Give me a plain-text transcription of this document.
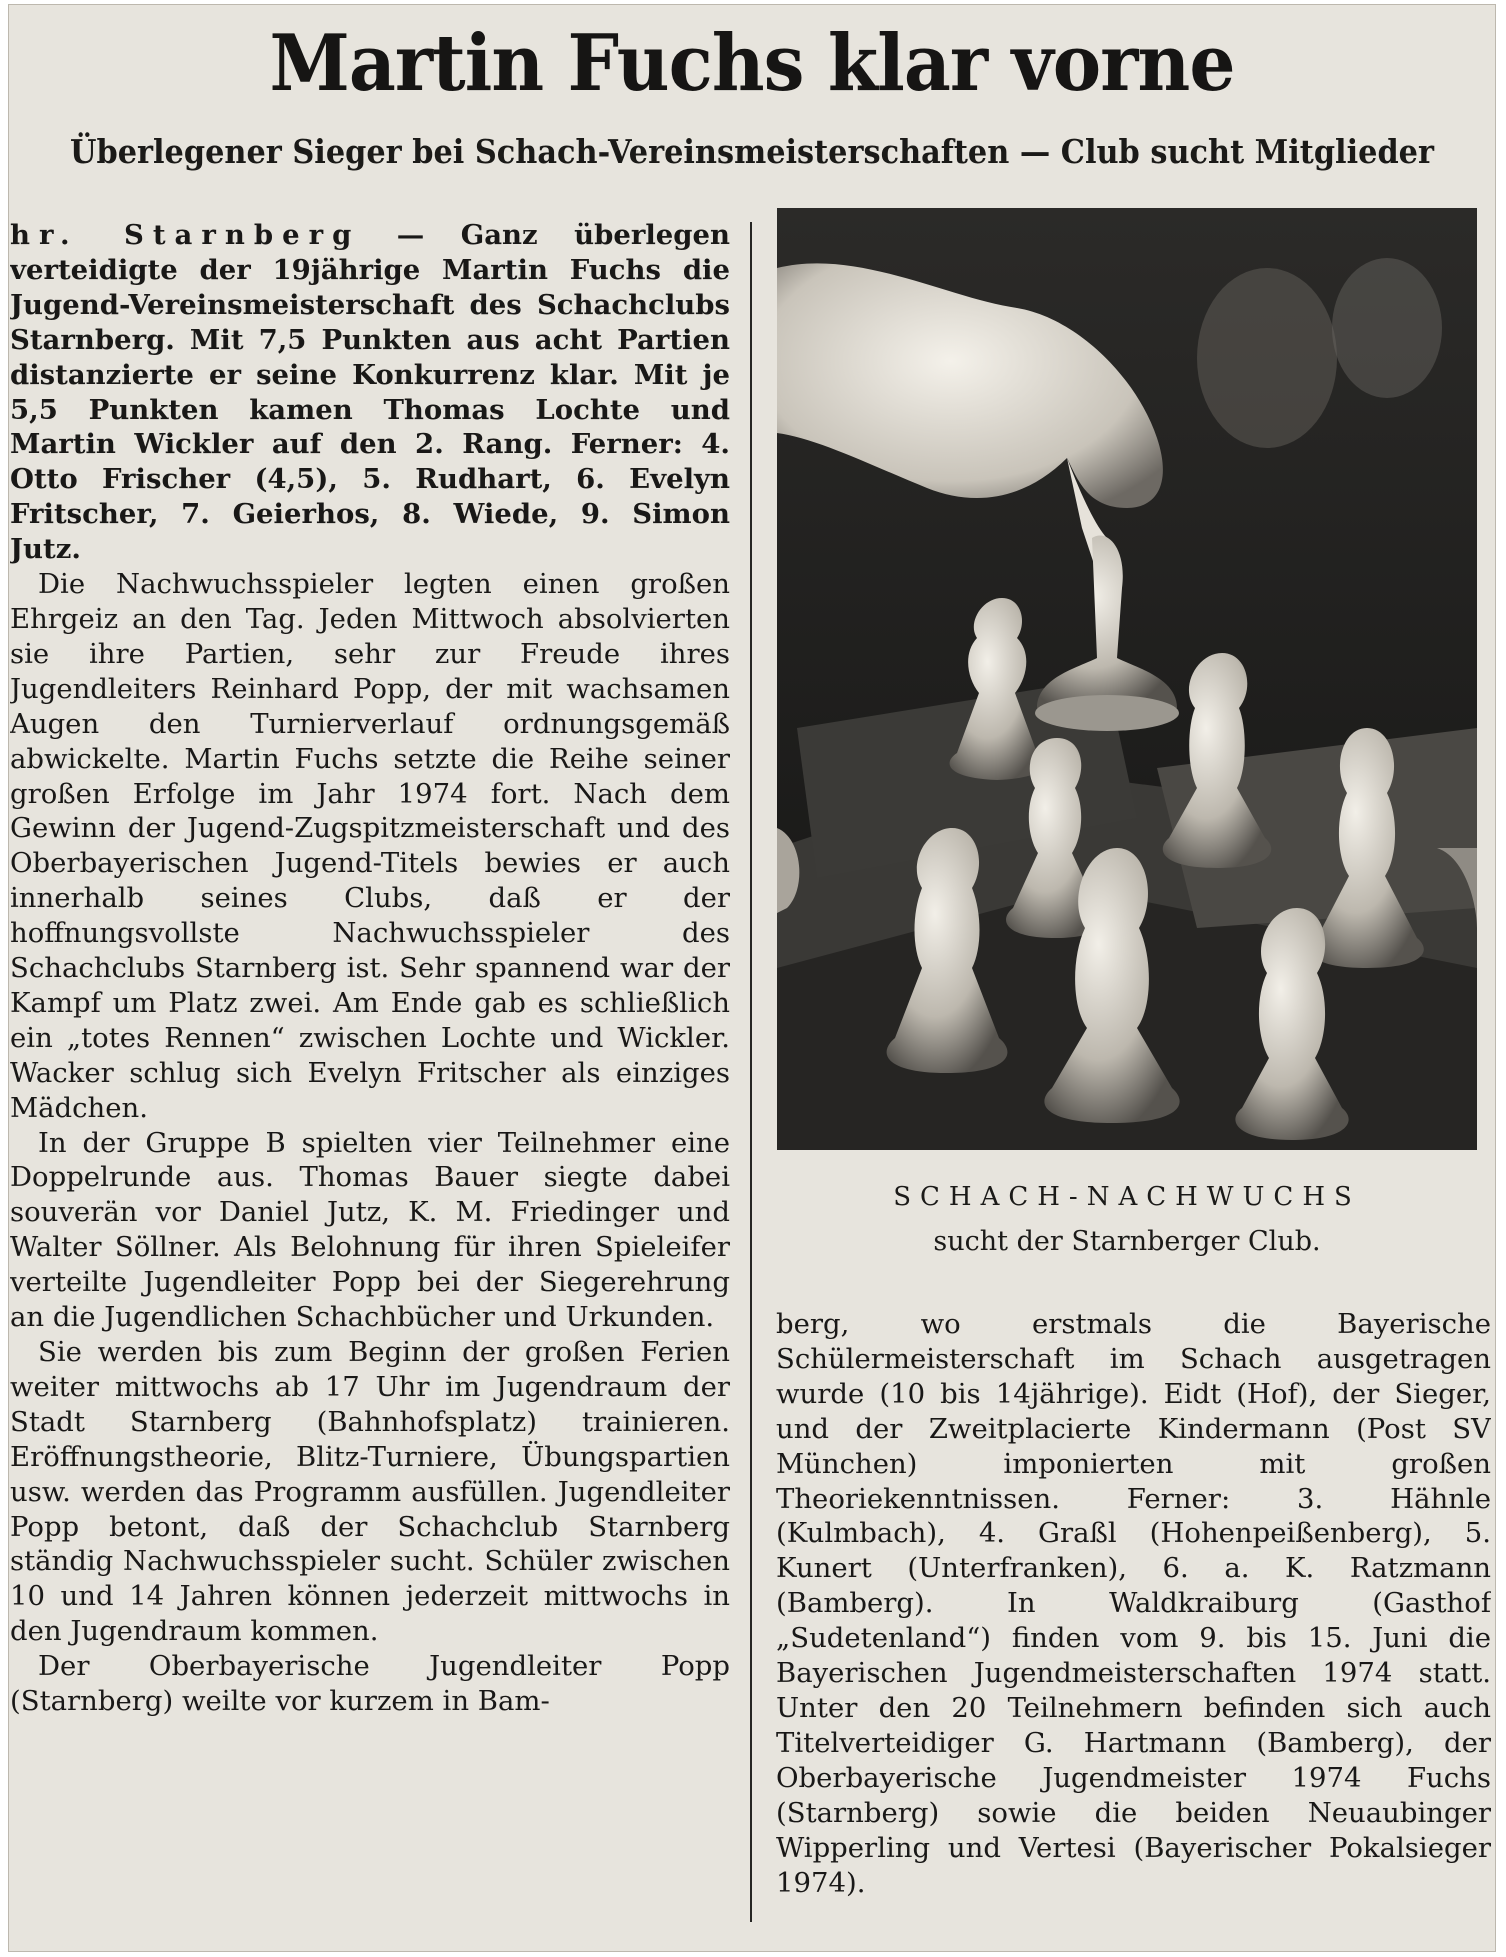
Martin Fuchs klar vorne
Überlegener Sieger bei Schach-Vereinsmeisterschaften — Club sucht Mitglieder

hr. Starnberg — Ganz überlegen verteidigte der 19jährige Martin Fuchs die Jugend-Vereinsmeisterschaft des Schachclubs Starnberg. Mit 7,5 Punkten aus acht Partien distanzierte er seine Konkurrenz klar. Mit je 5,5 Punkten kamen Thomas Lochte und Martin Wickler auf den 2. Rang. Ferner: 4. Otto Frischer (4,5), 5. Rudhart, 6. Evelyn Fritscher, 7. Geierhos, 8. Wiede, 9. Simon Jutz.

Die Nachwuchsspieler legten einen großen Ehrgeiz an den Tag. Jeden Mittwoch absolvierten sie ihre Partien, sehr zur Freude ihres Jugendleiters Reinhard Popp, der mit wachsamen Augen den Turnierverlauf ordnungsgemäß abwickelte. Martin Fuchs setzte die Reihe seiner großen Erfolge im Jahr 1974 fort. Nach dem Gewinn der Jugend-Zugspitzmeisterschaft und des Oberbayerischen Jugend-Titels bewies er auch innerhalb seines Clubs, daß er der hoffnungsvollste Nachwuchsspieler des Schachclubs Starnberg ist. Sehr spannend war der Kampf um Platz zwei. Am Ende gab es schließlich ein „totes Rennen“ zwischen Lochte und Wickler. Wacker schlug sich Evelyn Fritscher als einziges Mädchen.

In der Gruppe B spielten vier Teilnehmer eine Doppelrunde aus. Thomas Bauer siegte dabei souverän vor Daniel Jutz, K. M. Friedinger und Walter Söllner. Als Belohnung für ihren Spieleifer verteilte Jugendleiter Popp bei der Siegerehrung an die Jugendlichen Schachbücher und Urkunden.

Sie werden bis zum Beginn der großen Ferien weiter mittwochs ab 17 Uhr im Jugendraum der Stadt Starnberg (Bahnhofsplatz) trainieren. Eröffnungstheorie, Blitz-Turniere, Übungspartien usw. werden das Programm ausfüllen. Jugendleiter Popp betont, daß der Schachclub Starnberg ständig Nachwuchsspieler sucht. Schüler zwischen 10 und 14 Jahren können jederzeit mittwochs in den Jugendraum kommen.

Der Oberbayerische Jugendleiter Popp (Starnberg) weilte vor kurzem in Bam-

SCHACH-NACHWUCHS
sucht der Starnberger Club.

berg, wo erstmals die Bayerische Schülermeisterschaft im Schach ausgetragen wurde (10 bis 14jährige). Eidt (Hof), der Sieger, und der Zweitplacierte Kindermann (Post SV München) imponierten mit großen Theoriekenntnissen. Ferner: 3. Hähnle (Kulmbach), 4. Graßl (Hohenpeißenberg), 5. Kunert (Unterfranken), 6. a. K. Ratzmann (Bamberg). In Waldkraiburg (Gasthof „Sudetenland“) finden vom 9. bis 15. Juni die Bayerischen Jugendmeisterschaften 1974 statt. Unter den 20 Teilnehmern befinden sich auch Titelverteidiger G. Hartmann (Bamberg), der Oberbayerische Jugendmeister 1974 Fuchs (Starnberg) sowie die beiden Neuaubinger Wipperling und Vertesi (Bayerischer Pokalsieger 1974).
